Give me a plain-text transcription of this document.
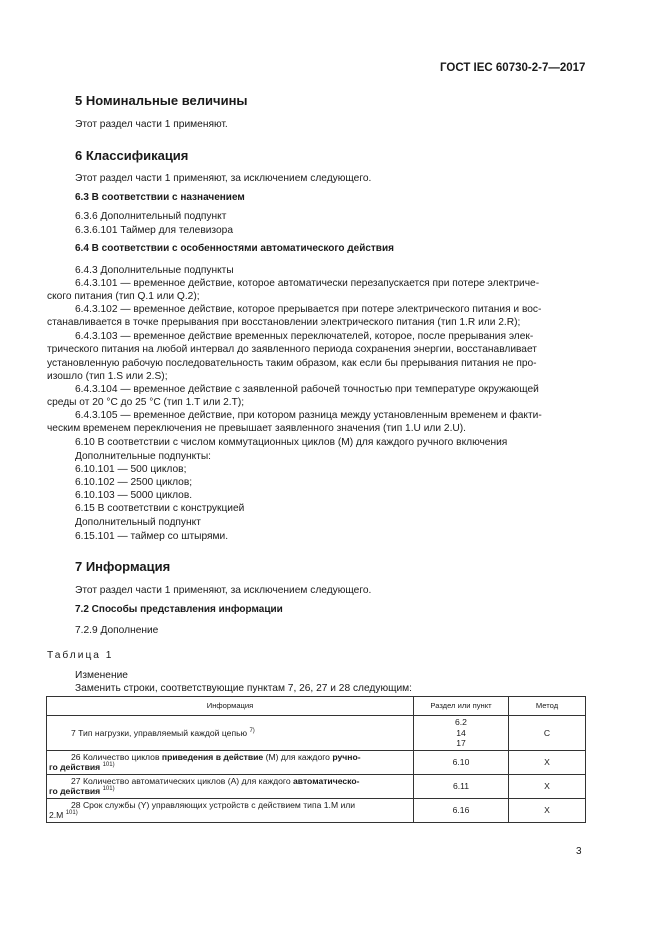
ГОСТ IEC 60730-2-7—2017
5 Номинальные величины
Этот раздел части 1 применяют.
6 Классификация
Этот раздел части 1 применяют, за исключением следующего.
6.3 В соответствии с назначением
6.3.6 Дополнительный подпункт
6.3.6.101 Таймер для телевизора
6.4 В соответствии с особенностями автоматического действия
6.4.3 Дополнительные подпункты
6.4.3.101 — временное действие, которое автоматически перезапускается при потере электриче-
ского питания (тип Q.1 или Q.2);
6.4.3.102 — временное действие, которое прерывается при потере электрического питания и вос-
станавливается в точке прерывания при восстановлении электрического питания (тип 1.R или 2.R);
6.4.3.103 — временное действие временных переключателей, которое, после прерывания элек-
трического питания на любой интервал до заявленного периода сохранения энергии, восстанавливает
установленную рабочую последовательность таким образом, как если бы прерывания питания не про-
изошло (тип 1.S или 2.S);
6.4.3.104 — временное действие с заявленной рабочей точностью при температуре окружающей
среды от 20 °С до 25 °С (тип 1.T или 2.T);
6.4.3.105 — временное действие, при котором разница между установленным временем и факти-
ческим временем переключения не превышает заявленного значения (тип 1.U или 2.U).
6.10 В соответствии с числом коммутационных циклов (М) для каждого ручного включения
Дополнительные подпункты:
6.10.101 — 500 циклов;
6.10.102 — 2500 циклов;
6.10.103 — 5000 циклов.
6.15 В соответствии с конструкцией
Дополнительный подпункт
6.15.101 — таймер со штырями.
7 Информация
Этот раздел части 1 применяют, за исключением следующего.
7.2 Способы представления информации
7.2.9 Дополнение
Таблица 1
Изменение
Заменить строки, соответствующие пунктам 7, 26, 27 и 28 следующим:
Информация	Раздел или пункт	Метод
7 Тип нагрузки, управляемый каждой цепью $^{7)}$	6.2
14
17	С

26 Количество циклов приведения в действие (М) для каждого ручно-
го действия $^{101)}$	6.10	X

27 Количество автоматических циклов (А) для каждого автоматическо-
го действия $^{101)}$	6.11	X

28 Срок службы (Y) управляющих устройств с действием типа 1.М или
2.М $^{101)}$	6.16	X
3
